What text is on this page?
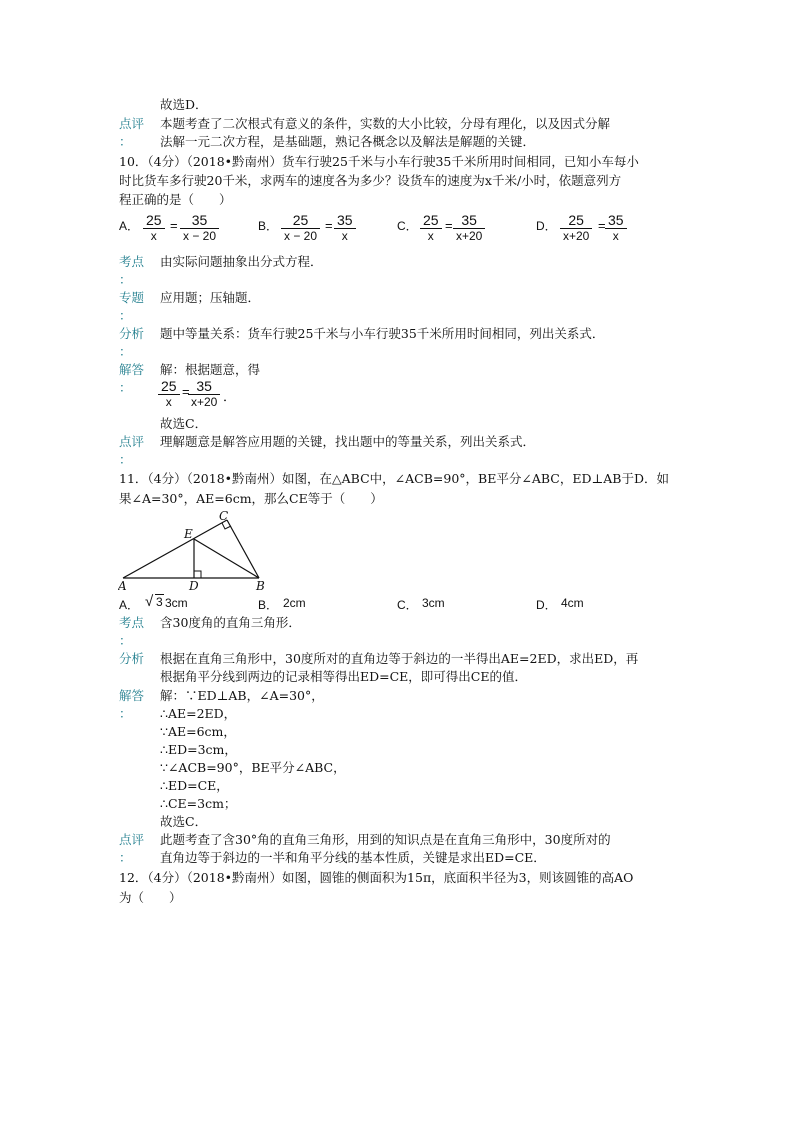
故选D．
点评 本题考查了二次根式有意义的条件，实数的大小比较，分母有理化，以及因式分解
： 法解一元二次方程，是基础题，熟记各概念以及解法是解题的关键．
10．（4分）（2018•黔南州）货车行驶25千米与小车行驶35千米所用时间相同，已知小车每小
时比货车多行驶20千米，求两车的速度各为多少？设货车的速度为x千米/小时，依题意列方
程正确的是（　　）
A． $\frac{25}{x} = \frac{35}{x - 20}$	B． $\frac{25}{x - 20} = \frac{35}{x}$	C． $\frac{25}{x} = \frac{35}{x+20}$	D． $\frac{25}{x+20} = \frac{35}{x}$
考点 由实际问题抽象出分式方程．
：
专题 应用题；压轴题．
：
分析 题中等量关系：货车行驶25千米与小车行驶35千米所用时间相同，列出关系式．
：
解答 解：根据题意，得
： $\frac{25}{x}$ =
$\frac{35}{x+20}$ ．
故选C．
点评 理解题意是解答应用题的关键，找出题中的等量关系，列出关系式．
：
11．（4分）（2018•黔南州）如图，在△ABC中，∠ACB=90°，BE平分∠ABC，ED⊥AB于D．如
果∠A=30°，AE=6cm，那么CE等于（　　）
A	B
C
D
E
A． √ 3 3cm	B． 2cm	C． 3cm	D． 4cm
考点 含30度角的直角三角形．
：
分析 根据在直角三角形中，30度所对的直角边等于斜边的一半得出AE=2ED，求出ED，再
根据角平分线到两边的记录相等得出ED=CE，即可得出CE的值．
解答
：
解：∵ED⊥AB，∠A=30°，
∴AE=2ED，
∵AE=6cm，
∴ED=3cm，
∵∠ACB=90°，BE平分∠ABC，
∴ED=CE，
∴CE=3cm；
故选C．
点评 此题考查了含30°角的直角三角形，用到的知识点是在直角三角形中，30度所对的
： 直角边等于斜边的一半和角平分线的基本性质，关键是求出ED=CE．
12．（4分）（2018•黔南州）如图，圆锥的侧面积为15π，底面积半径为3，则该圆锥的高AO
为（　　）
